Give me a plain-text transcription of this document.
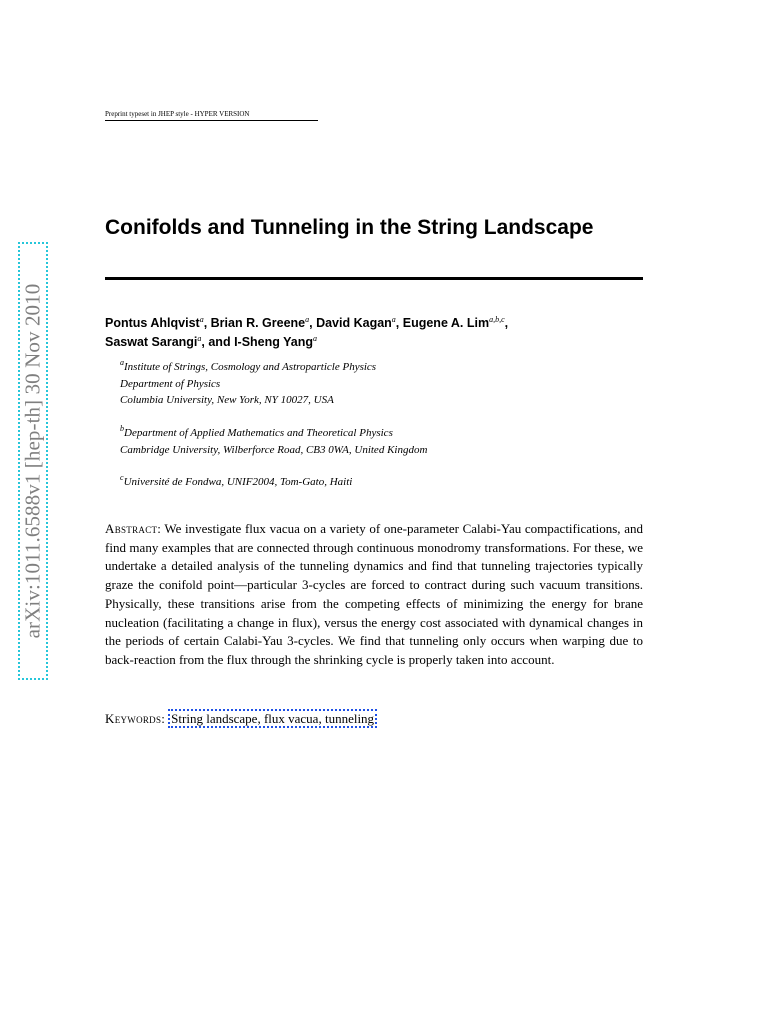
Preprint typeset in JHEP style - HYPER VERSION
arXiv:1011.6588v1 [hep-th] 30 Nov 2010
Conifolds and Tunneling in the String Landscape
Pontus Ahlqvist$^a$, Brian R. Greene$^a$, David Kagan$^a$, Eugene A. Lim$^{a,b,c}$,
Saswat Sarangi$^a$, and I-Sheng Yang$^a$
$^a$Institute of Strings, Cosmology and Astroparticle Physics
Department of Physics
Columbia University, New York, NY 10027, USA
$^b$Department of Applied Mathematics and Theoretical Physics
Cambridge University, Wilberforce Road, CB3 0WA, United Kingdom
$^c$Université de Fondwa, UNIF2004, Tom-Gato, Haiti
Abstract: We investigate flux vacua on a variety of one-parameter Calabi-Yau compactifications, and find many examples that are connected through continuous monodromy transformations. For these, we undertake a detailed analysis of the tunneling dynamics and find that tunneling trajectories typically graze the conifold point—particular 3-cycles are forced to contract during such vacuum transitions. Physically, these transitions arise from the competing effects of minimizing the energy for brane nucleation (facilitating a change in flux), versus the energy cost associated with dynamical changes in the periods of certain Calabi-Yau 3-cycles. We find that tunneling only occurs when warping due to back-reaction from the flux through the shrinking cycle is properly taken into account.
Keywords: String landscape, flux vacua, tunneling
